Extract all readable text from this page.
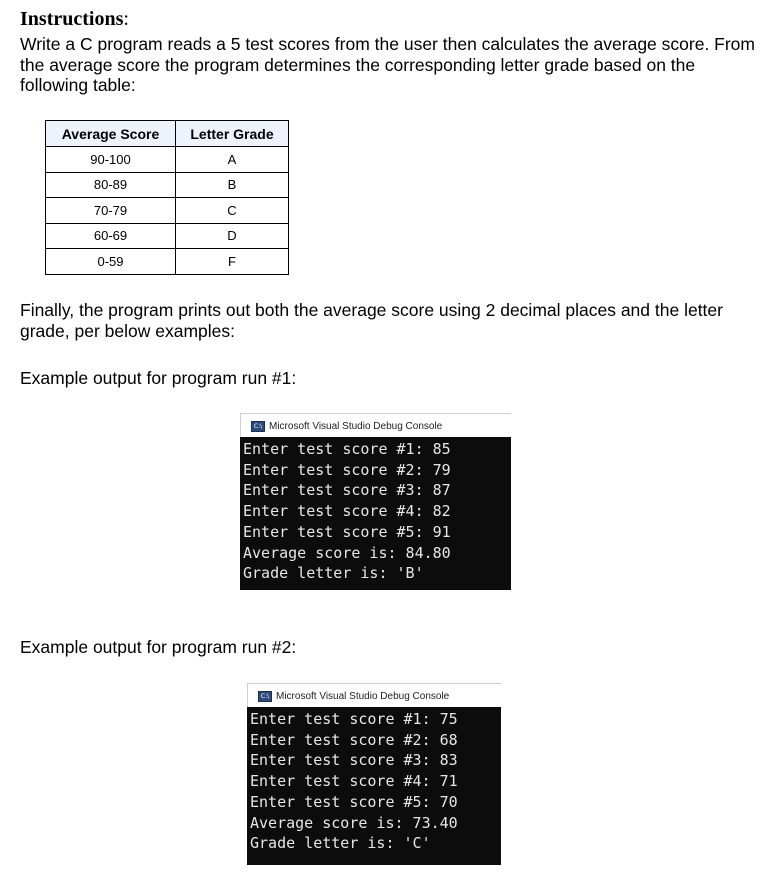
Instructions:
Write a C program reads a 5 test scores from the user then calculates the average score. From the average score the program determines the corresponding letter grade based on the following table:
Average Score	Letter Grade
90-100	A
80-89	B
70-79	C
60-69	D
0-59	F
Finally, the program prints out both the average score using 2 decimal places and the letter grade, per below examples:
Example output for program run #1:
C:\ Microsoft Visual Studio Debug Console
Enter test score #1: 85
Enter test score #2: 79
Enter test score #3: 87
Enter test score #4: 82
Enter test score #5: 91
Average score is: 84.80
Grade letter is: 'B'
Example output for program run #2:
C:\ Microsoft Visual Studio Debug Console
Enter test score #1: 75
Enter test score #2: 68
Enter test score #3: 83
Enter test score #4: 71
Enter test score #5: 70
Average score is: 73.40
Grade letter is: 'C'
